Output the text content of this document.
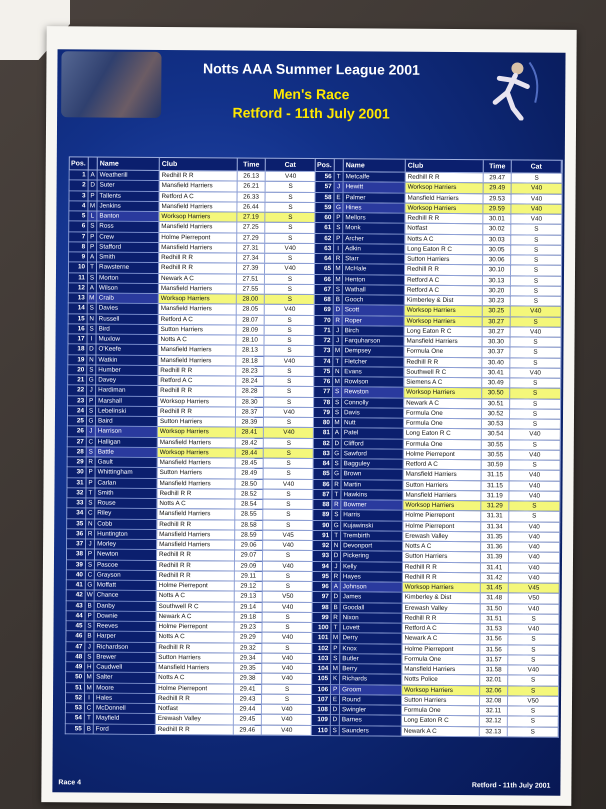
Notts AAA Summer League 2001
Men's Race
Retford - 11th July 2001
Pos.	Name	Club	Time	Cat
1 A Weatherill	Redhill R R	26.13	V40
2 D Suter	Mansfield Harriers	26.21	S
3 P Tallents	Retford A C	26.33	S
4 M Jenkins	Mansfield Harriers	26.44	S
5 L Banton	Worksop Harriers	27.19	S
6 S Ross	Mansfield Harriers	27.25	S
7 P Crew	Holme Pierrepont	27.29	S
8 P Stafford	Mansfield Harriers	27.31	V40
9 A Smith	Redhill R R	27.34	S
10 T Rawsterne	Redhill R R	27.39	V40
11 S Morton	Newark A C	27.51	S
12 A Wilson	Mansfield Harriers	27.55	S
13 M Craib	Worksop Harriers	28.00	S
14 S Davies	Mansfield Harriers	28.05	V40
15 N Russell	Retford A C	28.07	S
16 S Bird	Sutton Harriers	28.09	S
17 I Muxlow	Notts A C	28.10	S
18 D O'Keefe	Mansfield Harriers	28.13	S
19 N Watkin	Mansfield Harriers	28.18	V40
20 S Humber	Redhill R R	28.23	S
21 G Davey	Retford A C	28.24	S
22 J Hardiman	Redhill R R	28.28	S
23 P Marshall	Worksop Harriers	28.30	S
24 S Lebelinski	Redhill R R	28.37	V40
25 G Baird	Sutton Harriers	28.39	S
26 J Harrison	Worksop Harriers	28.41	V40
27 C Halligan	Mansfield Harriers	28.42	S
28 S Battle	Worksop Harriers	28.44	S
29 R Gault	Mansfield Harriers	28.45	S
30 P Whittingham	Sutton Harriers	28.49	S
31 P Carlan	Mansfield Harriers	28.50	V40
32 T Smith	Redhill R R	28.52	S
33 S Rouse	Notts A C	28.54	S
34 C Riley	Mansfield Harriers	28.55	S
35 N Cobb	Redhill R R	28.58	S
36 R Huntington	Mansfield Harriers	28.59	V45
37 J Morley	Mansfield Harriers	29.06	V40
38 P Newton	Redhill R R	29.07	S
39 S Pascoe	Redhill R R	29.09	V40
40 C Grayson	Redhill R R	29.11	S
41 G Moffatt	Holme Pierrepont	29.12	S
42 W Chance	Notts A C	29.13	V50
43 B Danby	Southwell R C	29.14	V40
44 P Downie	Newark A C	29.18	S
45 S Reeves	Holme Pierrepont	29.23	S
46 B Harper	Notts A C	29.29	V40
47 J Richardson	Redhill R R	29.32	S
48 S Brewer	Sutton Harriers	29.34	V40
49 H Caudwell	Mansfield Harriers	29.35	V40
50 M Salter	Notts A C	29.38	V40
51 M Moore	Holme Pierrepont	29.41	S
52 I Hales	Redhill R R	29.43	S
53 C McDonnell	Notfast	29.44	V40
54 T Mayfield	Erewash Valley	29.45	V40
55 B Ford	Redhill R R	29.46	V40
Pos.	Name	Club	Time	Cat
56 T Metcalfe	Redhill R R	29.47	S
57 J Hewitt	Worksop Harriers	29.49	V40
58 E Palmer	Mansfield Harriers	29.53	V40
59 G Hines	Worksop Harriers	29.59	V40
60 P Mellors	Redhill R R	30.01	V40
61 S Monk	Notfast	30.02	S
62 P Archer	Notts A C	30.03	S
63 I Adkin	Long Eaton R C	30.05	S
64 R Starr	Sutton Harriers	30.06	S
65 M McHale	Redhill R R	30.10	S
66 M Henton	Retford A C	30.13	S
67 S Wathall	Retford A C	30.20	S
68 B Gooch	Kimberley & Dist	30.23	S
69 D Scott	Worksop Harriers	30.25	V40
70 R Roper	Worksop Harriers	30.27	S
71 J Birch	Long Eaton R C	30.27	V40
72 J Farquharson	Mansfield Harriers	30.30	S
73 M Dempsey	Formula One	30.37	S
74 T Fletcher	Redhill R R	30.40	S
75 N Evans	Southwell R C	30.41	V40
76 M Rowlson	Siemens A C	30.49	S
77 S Rewston	Worksop Harriers	30.50	S
78 S Connolly	Newark A C	30.51	S
79 S Davis	Formula One	30.52	S
80 M Nutt	Formula One	30.53	S
81 A Patel	Long Eaton R C	30.54	V40
82 D Clifford	Formula One	30.55	S
83 G Sawford	Holme Pierrepont	30.55	V40
84 S Bagguley	Retford A C	30.59	S
85 G Brown	Mansfield Harriers	31.15	V40
86 R Martin	Sutton Harriers	31.15	V40
87 T Hawkins	Mansfield Harriers	31.19	V40
88 R Bowmer	Worksop Harriers	31.29	S
89 S Harris	Holme Pierrepont	31.31	S
90 G Kujawinski	Holme Pierrepont	31.34	V40
91 T Trembirth	Erewash Valley	31.35	V40
92 N Devonport	Notts A C	31.36	V40
93 D Pickering	Sutton Harriers	31.39	V40
94 J Kelly	Redhill R R	31.41	V40
95 R Hayes	Redhill R R	31.42	V40
96 A Johnson	Worksop Harriers	31.45	V45
97 D James	Kimberley & Dist	31.48	V50
98 B Goodall	Erewash Valley	31.50	V40
99 R Nixon	Redhill R R	31.51	S
100 T Lovett	Retford A C	31.53	V40
101 M Derry	Newark A C	31.56	S
102 P Knox	Holme Pierrepont	31.56	S
103 S Butler	Formula One	31.57	S
104 M Berry	Mansfield Harriers	31.58	V40
105 K Richards	Notts Police	32.01	S
106 P Groom	Worksop Harriers	32.06	S
107 E Round	Sutton Harriers	32.08	V50
108 D Swingler	Formula One	32.11	S
109 D Barnes	Long Eaton R C	32.12	S
110 S Saunders	Newark A C	32.13	S
Race 4	Retford - 11th July 2001
